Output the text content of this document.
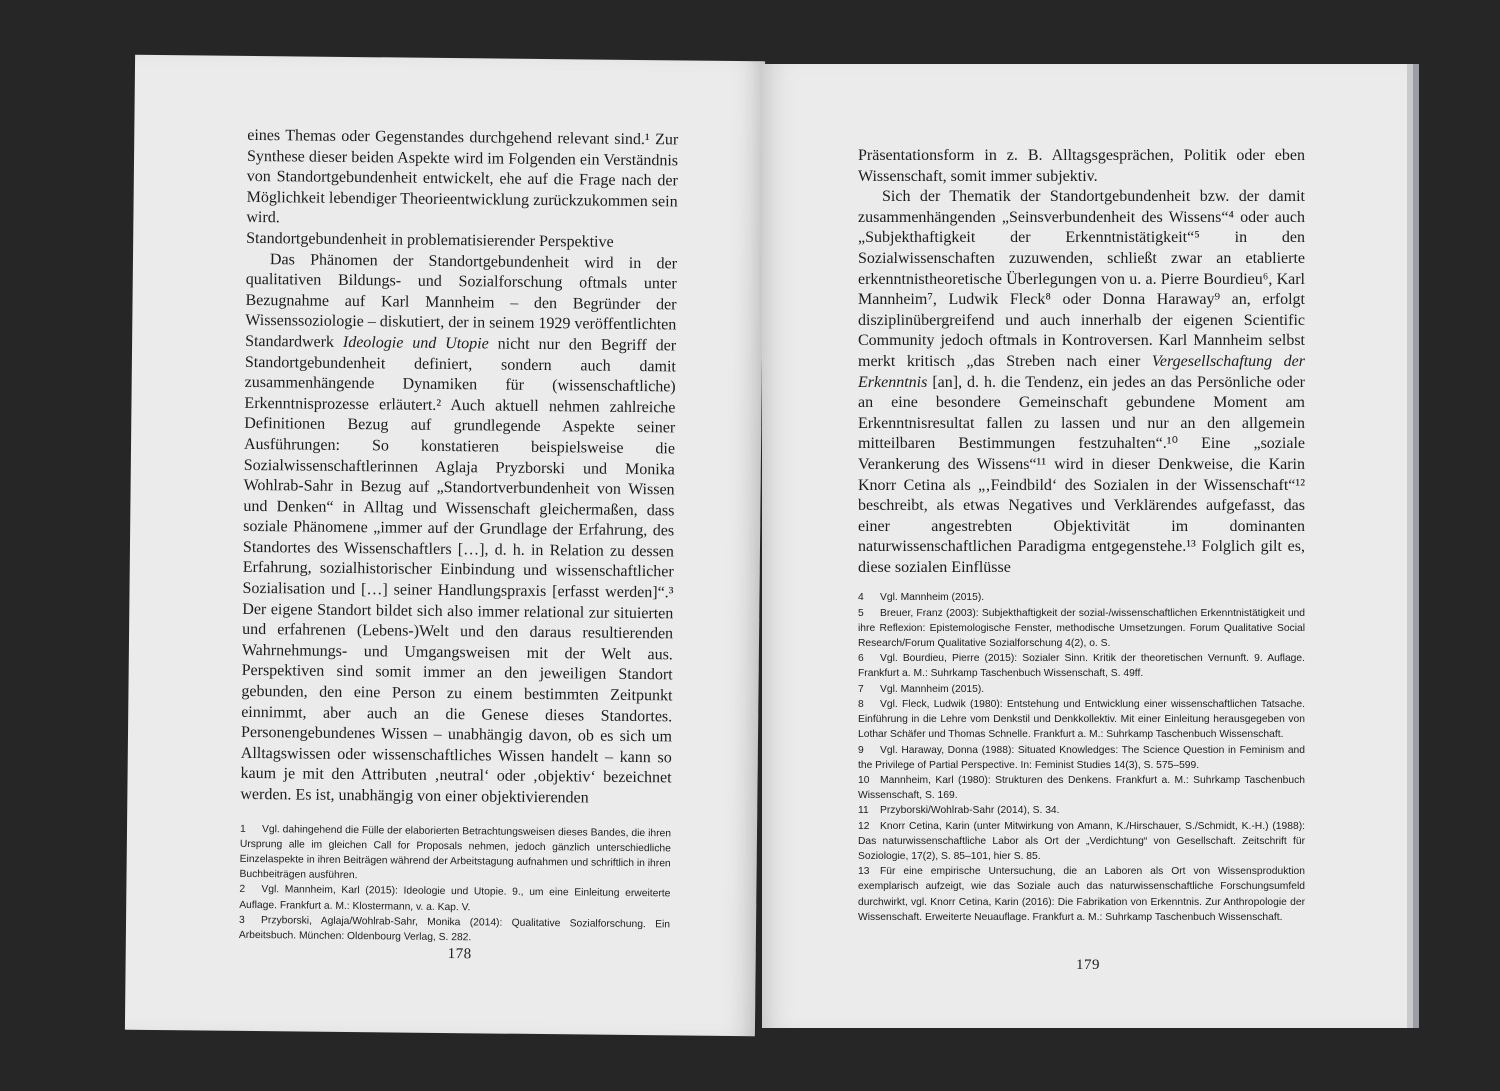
eines Themas oder Gegenstandes durchgehend relevant sind.¹ Zur Synthese dieser beiden Aspekte wird im Folgenden ein Verständnis von Standortgebundenheit entwickelt, ehe auf die Frage nach der Möglichkeit lebendiger Theorieentwicklung zurückzukommen sein wird.

Standortgebundenheit in problematisierender Perspektive

Das Phänomen der Standortgebundenheit wird in der qualitativen Bildungs- und Sozialforschung oftmals unter Bezugnahme auf Karl Mannheim – den Begründer der Wissenssoziologie – diskutiert, der in seinem 1929 veröffentlichten Standardwerk Ideologie und Utopie nicht nur den Begriff der Standortgebundenheit definiert, sondern auch damit zusammenhängende Dynamiken für (wissenschaftliche) Erkenntnisprozesse erläutert.² Auch aktuell nehmen zahlreiche Definitionen Bezug auf grundlegende Aspekte seiner Ausführungen: So konstatieren beispielsweise die Sozialwissenschaftlerinnen Aglaja Pryzborski und Monika Wohlrab-Sahr in Bezug auf „Standortverbundenheit von Wissen und Denken“ in Alltag und Wissenschaft gleichermaßen, dass soziale Phänomene „immer auf der Grundlage der Erfahrung, des Standortes des Wissenschaftlers […], d. h. in Relation zu dessen Erfahrung, sozialhistorischer Einbindung und wissenschaftlicher Sozialisation und […] seiner Handlungspraxis [erfasst werden]“.³ Der eigene Standort bildet sich also immer relational zur situierten und erfahrenen (Lebens-)Welt und den daraus resultierenden Wahrnehmungs- und Umgangsweisen mit der Welt aus. Perspektiven sind somit immer an den jeweiligen Standort gebunden, den eine Person zu einem bestimmten Zeitpunkt einnimmt, aber auch an die Genese dieses Standortes. Personengebundenes Wissen – unabhängig davon, ob es sich um Alltagswissen oder wissenschaftliches Wissen handelt – kann so kaum je mit den Attributen ‚neutral‘ oder ‚objektiv‘ bezeichnet werden. Es ist, unabhängig von einer objektivierenden

1 Vgl. dahingehend die Fülle der elaborierten Betrachtungsweisen dieses Bandes, die ihren Ursprung alle im gleichen Call for Proposals nehmen, jedoch gänzlich unterschiedliche Einzelaspekte in ihren Beiträgen während der Arbeitstagung aufnahmen und schriftlich in ihren Buchbeiträgen ausführen.

2 Vgl. Mannheim, Karl (2015): Ideologie und Utopie. 9., um eine Einleitung erweiterte Auflage. Frankfurt a. M.: Klostermann, v. a. Kap. V.

3 Przyborski, Aglaja/Wohlrab-Sahr, Monika (2014): Qualitative Sozialforschung. Ein Arbeitsbuch. München: Oldenbourg Verlag, S. 282.

178

Präsentationsform in z. B. Alltagsgesprächen, Politik oder eben Wissenschaft, somit immer subjektiv.

Sich der Thematik der Standortgebundenheit bzw. der damit zusammenhängenden „Seinsverbundenheit des Wissens“⁴ oder auch „Subjekthaftigkeit der Erkenntnistätigkeit“⁵ in den Sozialwissenschaften zuzuwenden, schließt zwar an etablierte erkenntnistheoretische Überlegungen von u. a. Pierre Bourdieu⁶, Karl Mannheim⁷, Ludwik Fleck⁸ oder Donna Haraway⁹ an, erfolgt disziplinübergreifend und auch innerhalb der eigenen Scientific Community jedoch oftmals in Kontroversen. Karl Mannheim selbst merkt kritisch „das Streben nach einer Vergesellschaftung der Erkenntnis [an], d. h. die Tendenz, ein jedes an das Persönliche oder an eine besondere Gemeinschaft gebundene Moment am Erkenntnisresultat fallen zu lassen und nur an den allgemein mitteilbaren Bestimmungen festzuhalten“.¹⁰ Eine „soziale Verankerung des Wissens“¹¹ wird in dieser Denkweise, die Karin Knorr Cetina als „‚Feindbild‘ des Sozialen in der Wissenschaft“¹² beschreibt, als etwas Negatives und Verklärendes aufgefasst, das einer angestrebten Objektivität im dominanten naturwissenschaftlichen Paradigma entgegenstehe.¹³ Folglich gilt es, diese sozialen Einflüsse

4 Vgl. Mannheim (2015).

5 Breuer, Franz (2003): Subjekthaftigkeit der sozial-/wissenschaftlichen Erkenntnistätigkeit und ihre Reflexion: Epistemologische Fenster, methodische Umsetzungen. Forum Qualitative Social Research/Forum Qualitative Sozialforschung 4(2), o. S.

6 Vgl. Bourdieu, Pierre (2015): Sozialer Sinn. Kritik der theoretischen Vernunft. 9. Auflage. Frankfurt a. M.: Suhrkamp Taschenbuch Wissenschaft, S. 49ff.

7 Vgl. Mannheim (2015).

8 Vgl. Fleck, Ludwik (1980): Entstehung und Entwicklung einer wissenschaftlichen Tatsache. Einführung in die Lehre vom Denkstil und Denkkollektiv. Mit einer Einleitung herausgegeben von Lothar Schäfer und Thomas Schnelle. Frankfurt a. M.: Suhrkamp Taschenbuch Wissenschaft.

9 Vgl. Haraway, Donna (1988): Situated Knowledges: The Science Question in Feminism and the Privilege of Partial Perspective. In: Feminist Studies 14(3), S. 575–599.

10 Mannheim, Karl (1980): Strukturen des Denkens. Frankfurt a. M.: Suhrkamp Taschenbuch Wissenschaft, S. 169.

11 Przyborski/Wohlrab-Sahr (2014), S. 34.

12 Knorr Cetina, Karin (unter Mitwirkung von Amann, K./Hirschauer, S./Schmidt, K.-H.) (1988): Das naturwissenschaftliche Labor als Ort der „Verdichtung“ von Gesellschaft. Zeitschrift für Soziologie, 17(2), S. 85–101, hier S. 85.

13 Für eine empirische Untersuchung, die an Laboren als Ort von Wissensproduktion exemplarisch aufzeigt, wie das Soziale auch das naturwissenschaftliche Forschungsumfeld durchwirkt, vgl. Knorr Cetina, Karin (2016): Die Fabrikation von Erkenntnis. Zur Anthropologie der Wissenschaft. Erweiterte Neuauflage. Frankfurt a. M.: Suhrkamp Taschenbuch Wissenschaft.

179
